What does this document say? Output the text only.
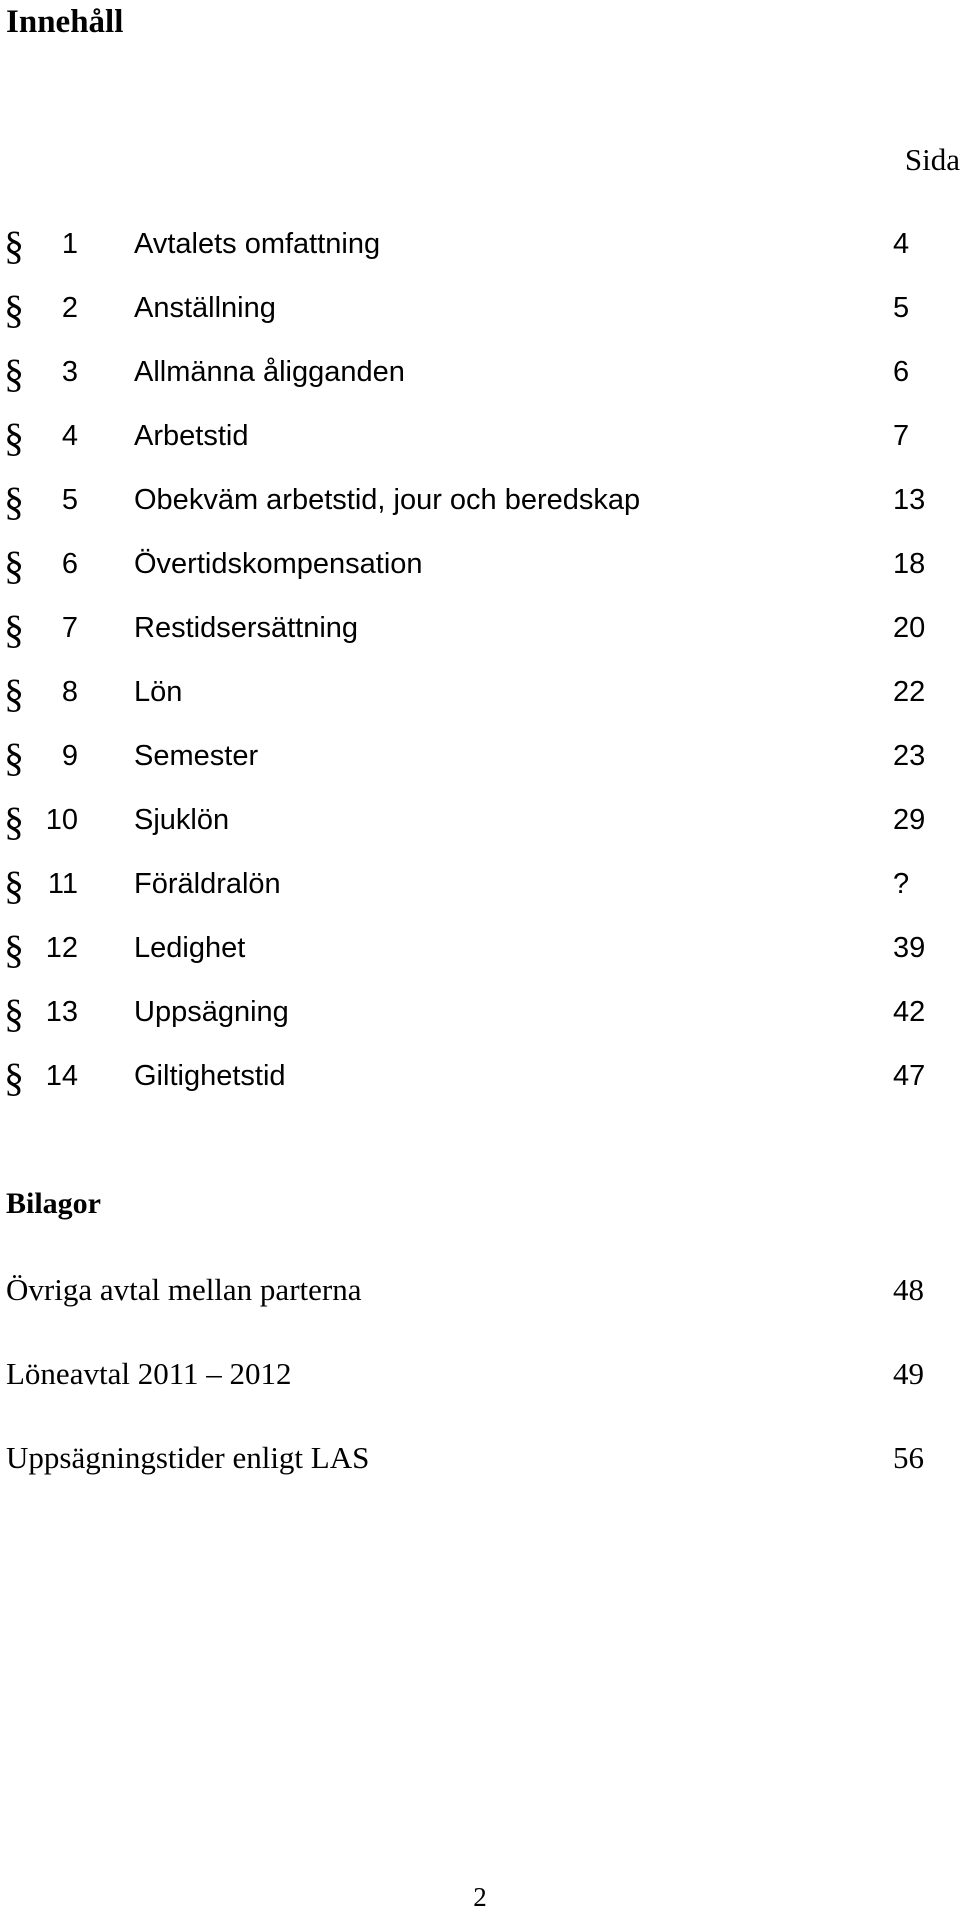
Innehåll
Sida
§	1 Avtalets omfattning	4
§	2 Anställning	5
§	3 Allmänna åligganden	6
§	4 Arbetstid	7
§	5 Obekväm arbetstid, jour och beredskap	13
§	6 Övertidskompensation	18
§	7 Restidsersättning	20
§	8 Lön	22
§	9 Semester	23
§ 10 Sjuklön	29
§ 11 Föräldralön	?
§ 12 Ledighet	39
§ 13 Uppsägning	42
§ 14 Giltighetstid	47
Bilagor
Övriga avtal mellan parterna	48
Löneavtal 2011 – 2012	49
Uppsägningstider enligt LAS	56
2
